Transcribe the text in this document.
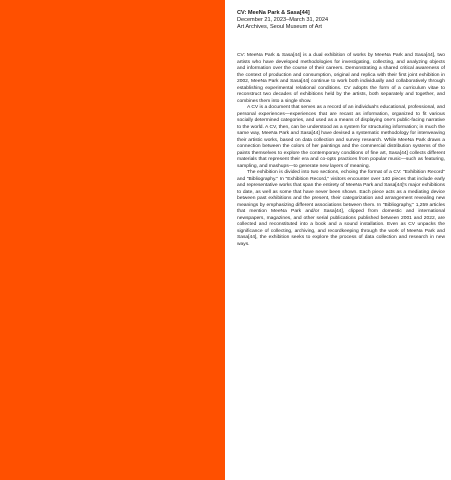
CV: MeeNa Park & Sasa[44]
December 21, 2023–March 31, 2024
Art Archives, Seoul Museum of Art

CV: MeeNa Park & Sasa[44] is a dual exhibition of works by MeeNa Park and Sasa[44], two artists who have developed methodologies for investigating, collecting, and analyzing objects and information over the course of their careers. Demonstrating a shared critical awareness of the context of production and consumption, original and replica with their first joint exhibition in 2002, MeeNa Park and Sasa[44] continue to work both individually and collaboratively through establishing experimental relational conditions. CV adopts the form of a curriculum vitae to reconstruct two decades of exhibitions held by the artists, both separately and together, and combines them into a single show.

A CV is a document that serves as a record of an individual's educational, professional, and personal experiences—experiences that are recast as information, organized to fit various socially determined categories, and used as a means of displaying one's public-facing narrative to the world. A CV, then, can be understood as a system for structuring information; in much the same way, MeeNa Park and Sasa[44] have devised a systematic methodology for interweaving their artistic works, based on data collection and survey research. While MeeNa Park draws a connection between the colors of her paintings and the commercial distribution systems of the paints themselves to explore the contemporary conditions of fine art, Sasa[44] collects different materials that represent their era and co-opts practices from popular music—such as featuring, sampling, and mashups—to generate new layers of meaning.

The exhibition is divided into two sections, echoing the format of a CV: "Exhibition Record" and "Bibliography." In "Exhibition Record," visitors encounter over 140 pieces that include early and representative works that span the entirety of MeeNa Park and Sasa[44]'s major exhibitions to date, as well as some that have never been shown. Each piece acts as a mediating device between past exhibitions and the present, their categorization and arrangement revealing new meanings by emphasizing different associations between them. In "Bibliography," 1,259 articles that mention MeeNa Park and/or Sasa[44], clipped from domestic and international newspapers, magazines, and other serial publications published between 2001 and 2022, are collected and reconstituted into a book and a sound installation. Even as CV unpacks the significance of collecting, archiving, and recordkeeping through the work of MeeNa Park and Sasa[44], the exhibition seeks to explore the process of data collection and research in new ways.
